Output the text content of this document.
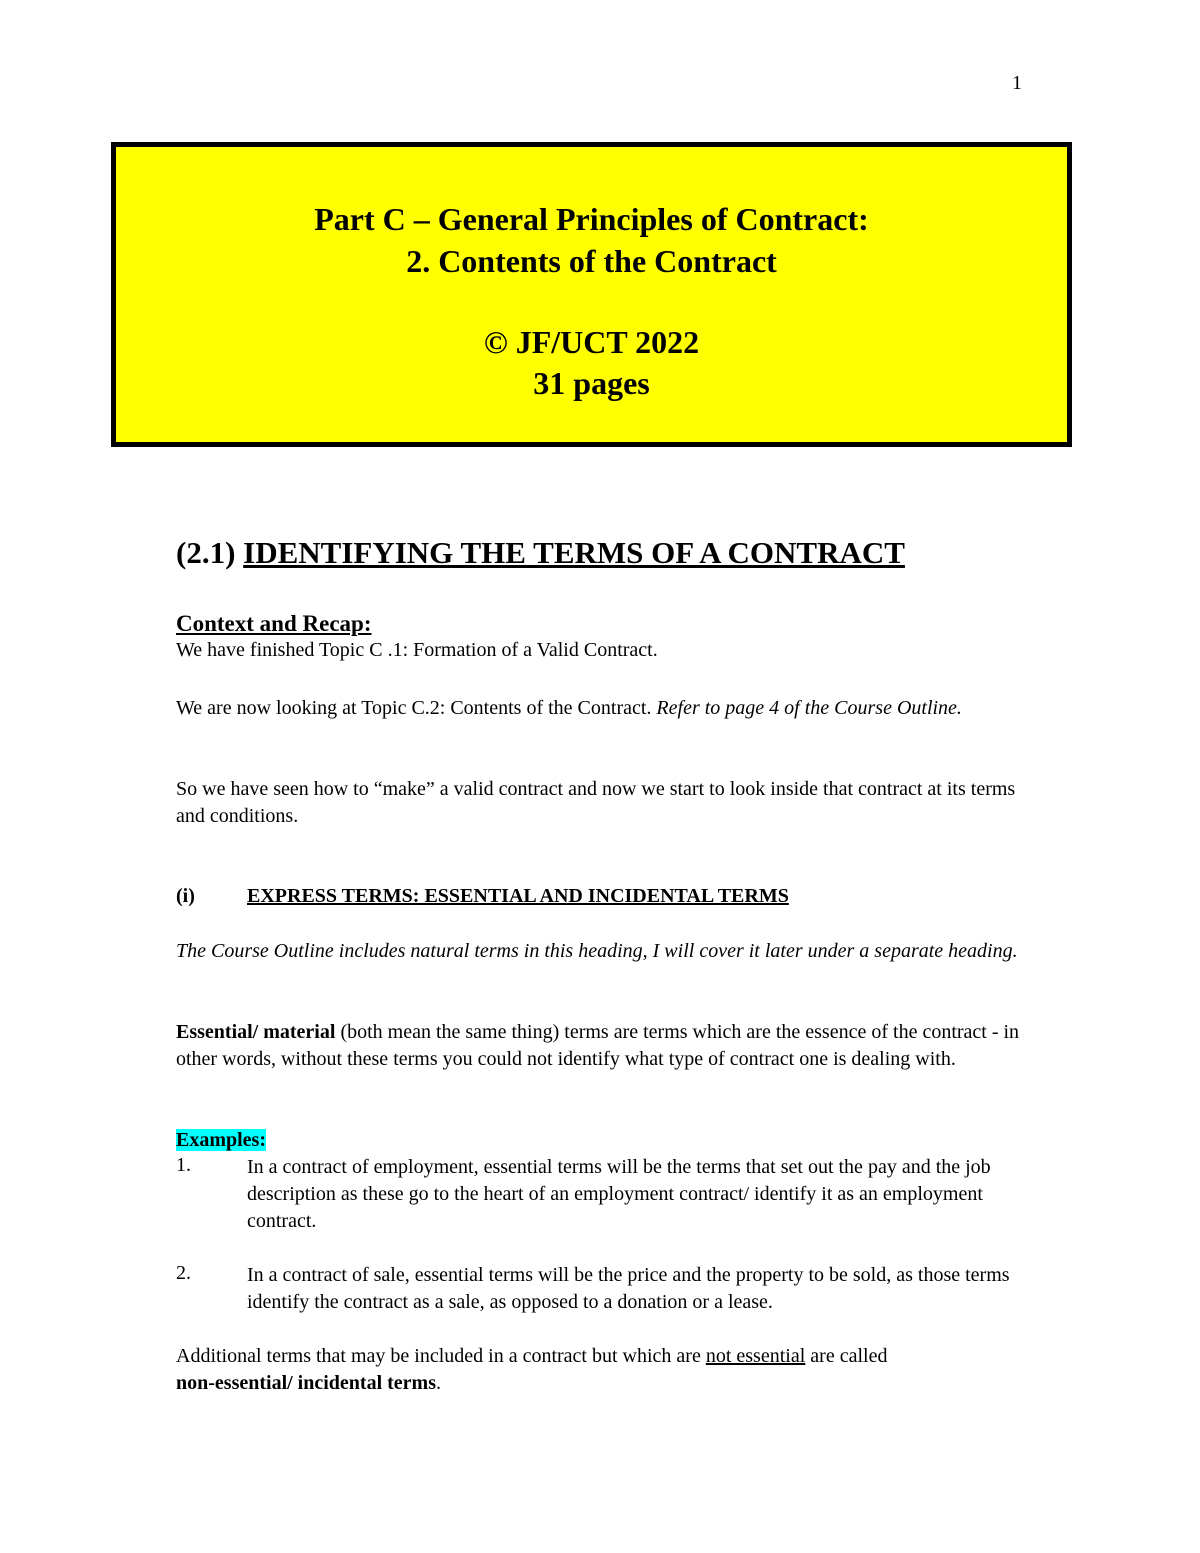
1
Part C – General Principles of Contract:
2. Contents of the Contract
© JF/UCT 2022
31 pages
(2.1) IDENTIFYING THE TERMS OF A CONTRACT
Context and Recap:
We have finished Topic C .1: Formation of a Valid Contract.
We are now looking at Topic C.2: Contents of the Contract. Refer to page 4 of the Course Outline.
So we have seen how to “make” a valid contract and now we start to look inside that contract at its terms and conditions.
(i)	EXPRESS TERMS: ESSENTIAL AND INCIDENTAL TERMS
The Course Outline includes natural terms in this heading, I will cover it later under a separate heading.
Essential/ material (both mean the same thing) terms are terms which are the essence of the contract - in other words, without these terms you could not identify what type of contract one is dealing with.
Examples:
1.	In a contract of employment, essential terms will be the terms that set out the pay and the job description as these go to the heart of an employment contract/ identify it as an employment contract.
2.	In a contract of sale, essential terms will be the price and the property to be sold, as those terms identify the contract as a sale, as opposed to a donation or a lease.
Additional terms that may be included in a contract but which are not essential are called
non-essential/ incidental terms.
